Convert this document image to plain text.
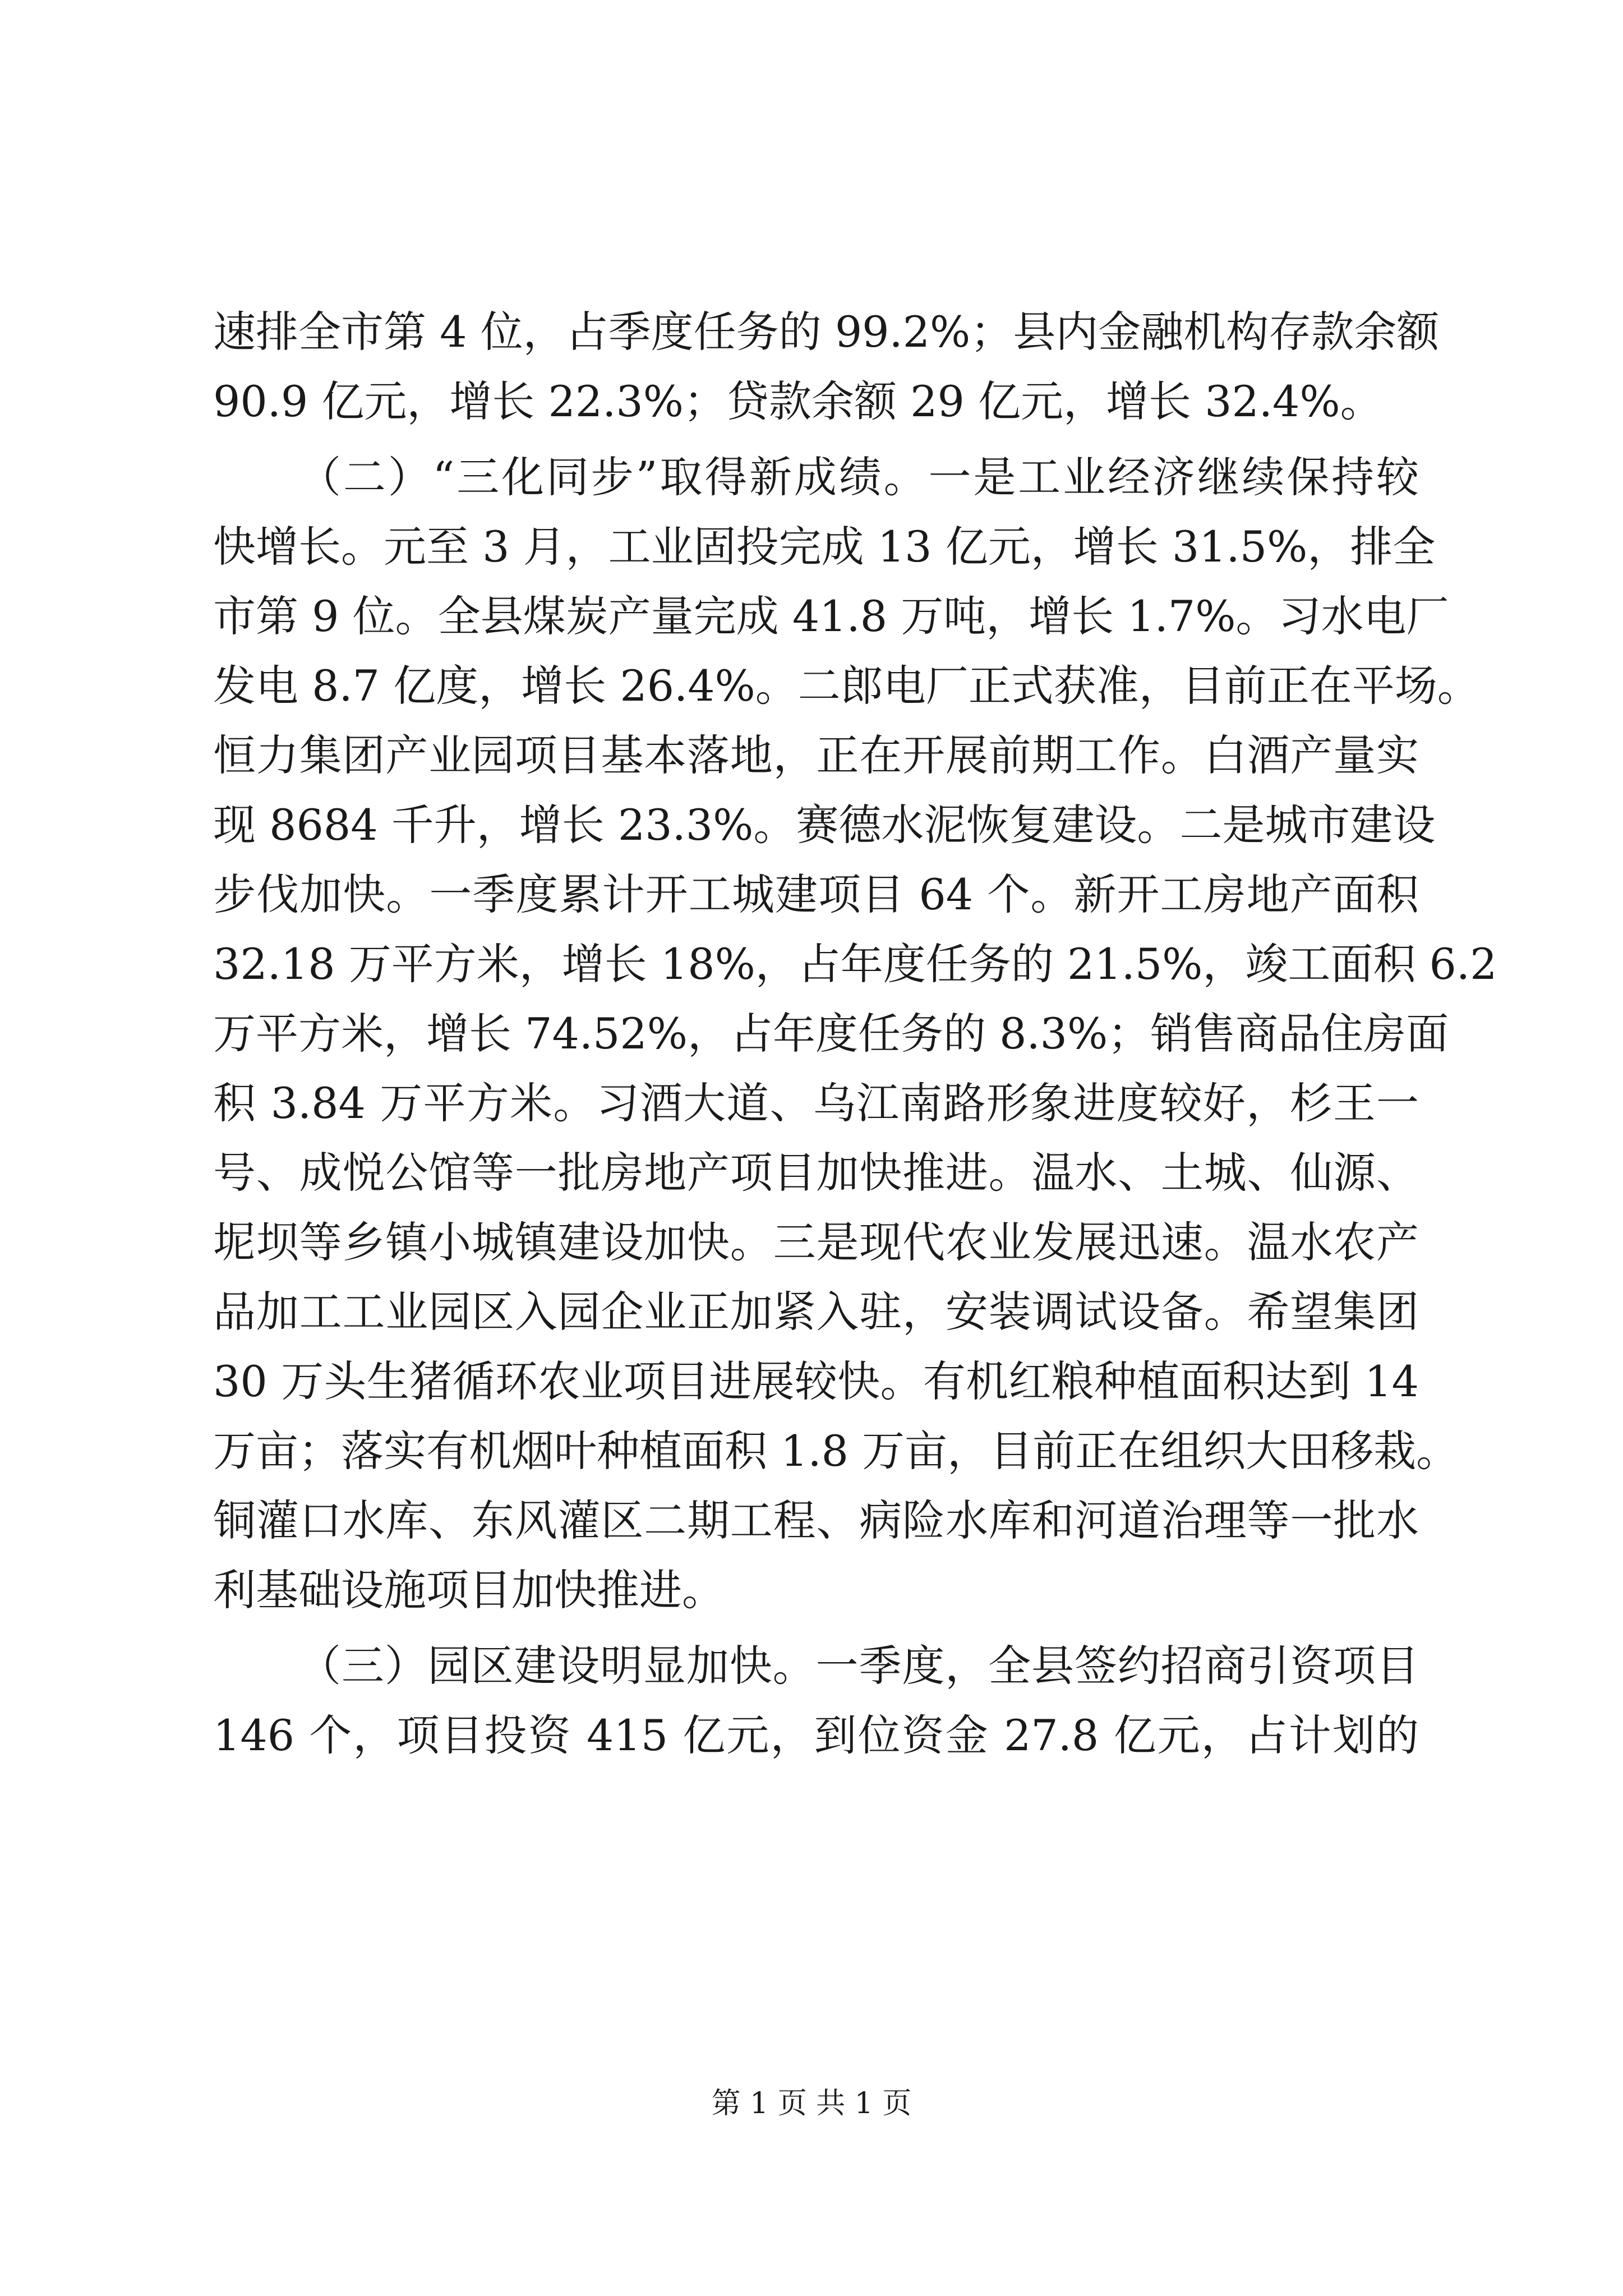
速排全市第 4 位，占季度任务的 99.2%；县内金融机构存款余额
90.9 亿元，增长 22.3%；贷款余额 29 亿元，增长 32.4%。
（二）“三化同步”取得新成绩。一是工业经济继续保持较
快增长。元至 3 月，工业固投完成 13 亿元，增长 31.5%，排全
市第 9 位。全县煤炭产量完成 41.8 万吨，增长 1.7%。习水电厂
发电 8.7 亿度，增长 26.4%。二郎电厂正式获准，目前正在平场。
恒力集团产业园项目基本落地，正在开展前期工作。白酒产量实
现 8684 千升，增长 23.3%。赛德水泥恢复建设。二是城市建设
步伐加快。一季度累计开工城建项目 64 个。新开工房地产面积
32.18 万平方米，增长 18%，占年度任务的 21.5%，竣工面积 6.2
万平方米，增长 74.52%，占年度任务的 8.3%；销售商品住房面
积 3.84 万平方米。习酒大道、乌江南路形象进度较好，杉王一
号、成悦公馆等一批房地产项目加快推进。温水、土城、仙源、
坭坝等乡镇小城镇建设加快。三是现代农业发展迅速。温水农产
品加工工业园区入园企业正加紧入驻，安装调试设备。希望集团
30 万头生猪循环农业项目进展较快。有机红粮种植面积达到 14
万亩；落实有机烟叶种植面积 1.8 万亩，目前正在组织大田移栽。
铜灌口水库、东风灌区二期工程、病险水库和河道治理等一批水
利基础设施项目加快推进。
（三）园区建设明显加快。一季度，全县签约招商引资项目
146 个，项目投资 415 亿元，到位资金 27.8 亿元，占计划的
第 1 页 共 1 页
